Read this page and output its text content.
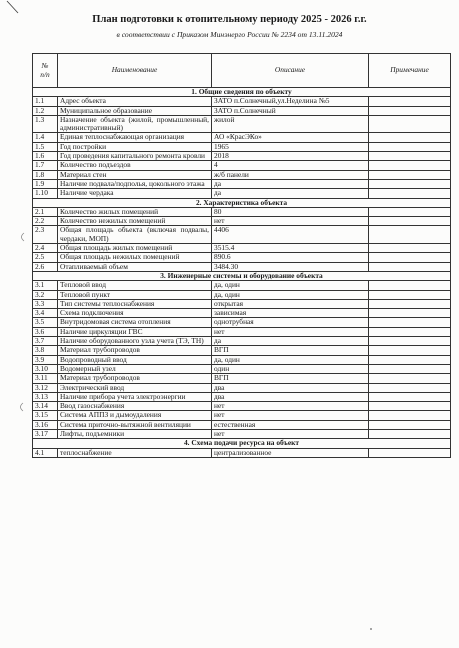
План подготовки к отопительному периоду 2025 - 2026 г.г.
в соответствии с Приказом Минэнерго России № 2234 от 13.11.2024
№
п/п	Наименование	Описание	Примечание
1. Общие сведения по объекту			
1.1	Адрес объекта	ЗАТО п.Солнечный,ул.Неделина №5	
1.2	Муниципальное образование	ЗАТО п.Солнечный	
1.3	Назначение объекта (жилой, промышленный, административный)	жилой	
1.4	Единая теплоснабжающая организация	АО «КрасЭКо»	
1.5	Год постройки	1965	
1.6	Год проведения капитального ремонта кровли	2018	
1.7	Количество подъездов	4	
1.8	Материал стен	ж/б панели	
1.9	Наличие подвала/подполья, цокольного этажа	да	
1.10	Наличие чердака	да	
2. Характеристика объекта			
2.1	Количество жилых помещений	80	
2.2	Количество нежилых помещений	нет	
2.3	Общая площадь объекта (включая подвалы, чердаки, МОП)	4406	
2.4	Общая площадь жилых помещений	3515.4	
2.5	Общая площадь нежилых помещений	890.6	
2.6	Отапливаемый объем	3484.30	
3. Инженерные системы и оборудование объекта			
3.1	Тепловой ввод	да, один	
3.2	Тепловой пункт	да, один	
3.3	Тип системы теплоснабжения	открытая	
3.4	Схема подключения	зависимая	
3.5	Внутридомовая система отопления	однотрубная	
3.6	Наличие циркуляции ГВС	нет	
3.7	Наличие оборудованного узла учета (ТЭ, ТН)	да	
3.8	Материал трубопроводов	ВГП	
3.9	Водопроводный ввод	да, один	
3.10	Водомерный узел	один	
3.11	Материал трубопроводов	ВГП	
3.12	Электрический ввод	два	
3.13	Наличие прибора учета электроэнергии	два	
3.14	Ввод газоснабжения	нет	
3.15	Система АППЗ и дымоудаления	нет	
3.16	Система приточно-вытяжной вентиляции	естественная	
3.17	Лифты, подъемники	нет	
4. Схема подачи ресурса на объект			
4.1	теплоснабжение	централизованное	
